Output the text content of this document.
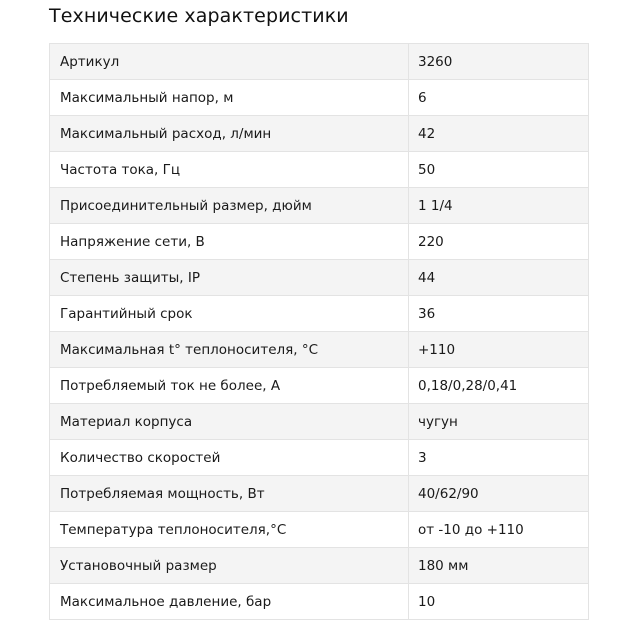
Технические характеристики
Артикул	3260
Максимальный напор, м	6
Максимальный расход, л/мин	42
Частота тока, Гц	50
Присоединительный размер, дюйм	1 1/4
Напряжение сети, В	220
Степень защиты, IP	44
Гарантийный срок	36
Максимальная t° теплоносителя, °C	+110
Потребляемый ток не более, А	0,18/0,28/0,41
Материал корпуса	чугун
Количество скоростей	3
Потребляемая мощность, Вт	40/62/90
Температура теплоносителя,°C	от -10 до +110
Установочный размер	180 мм
Максимальное давление, бар	10
